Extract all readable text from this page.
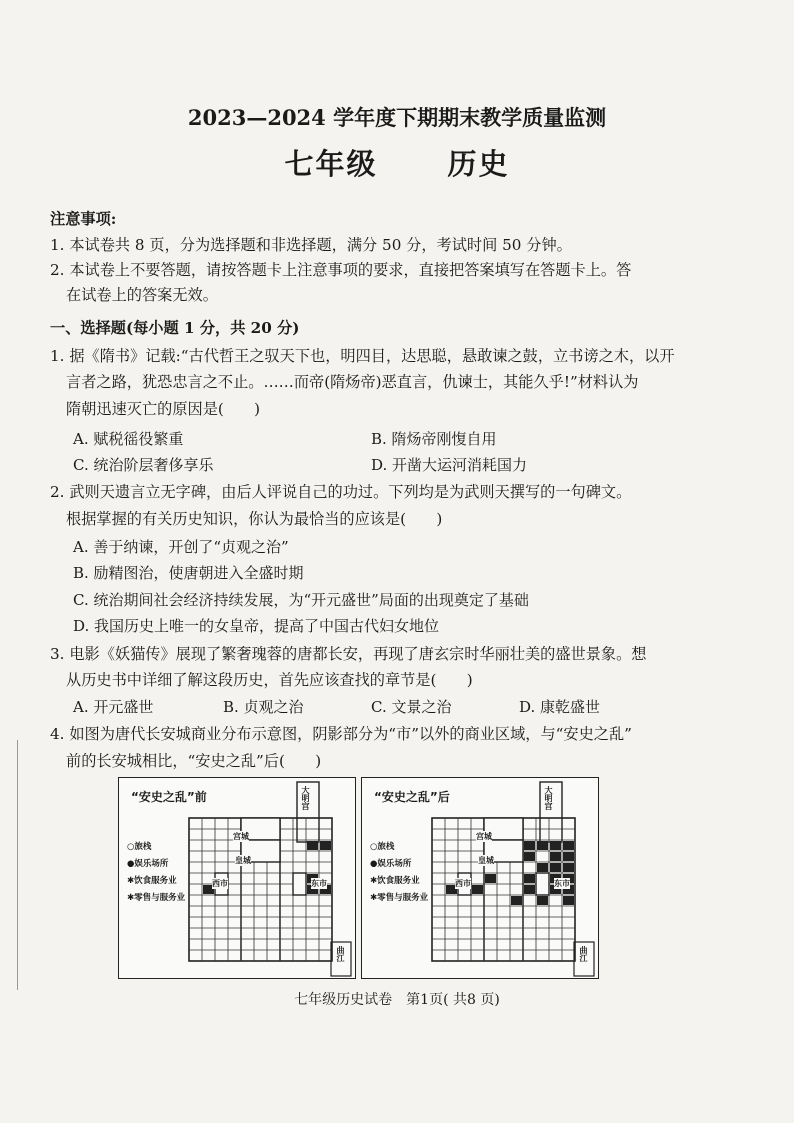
2023—2024 学年度下期期末教学质量监测
七年级 历史
注意事项:
1. 本试卷共 8 页，分为选择题和非选择题，满分 50 分，考试时间 50 分钟。
2. 本试卷上不要答题，请按答题卡上注意事项的要求，直接把答案填写在答题卡上。答
在试卷上的答案无效。
一、选择题(每小题 1 分，共 20 分)
1. 据《隋书》记载:“古代哲王之驭天下也，明四目，达思聪，悬敢谏之鼓，立书谤之木，以开
言者之路，犹恐忠言之不止。……而帝(隋炀帝)恶直言，仇谏士，其能久乎!”材料认为
隋朝迅速灭亡的原因是(　　)
A. 赋税徭役繁重	B. 隋炀帝刚愎自用
C. 统治阶层奢侈享乐	D. 开凿大运河消耗国力
2. 武则天遗言立无字碑，由后人评说自己的功过。下列均是为武则天撰写的一句碑文。
根据掌握的有关历史知识，你认为最恰当的应该是(　　)
A. 善于纳谏，开创了“贞观之治”
B. 励精图治，使唐朝进入全盛时期
C. 统治期间社会经济持续发展，为“开元盛世”局面的出现奠定了基础
D. 我国历史上唯一的女皇帝，提高了中国古代妇女地位
3. 电影《妖猫传》展现了繁奢瑰蓉的唐都长安，再现了唐玄宗时华丽壮美的盛世景象。想
从历史书中详细了解这段历史，首先应该查找的章节是(　　)
A. 开元盛世	B. 贞观之治	C. 文景之治	D. 康乾盛世
4. 如图为唐代长安城商业分布示意图，阴影部分为“市”以外的商业区域，与“安史之乱”
前的长安城相比，“安史之乱”后(　　)
“安史之乱”前
○旅栈
●娱乐场所
✱饮食服务业
✱零售与服务业
大明宫
宫城
皇城
西市	东市
曲江
“安史之乱”后
○旅栈
●娱乐场所
✱饮食服务业
✱零售与服务业
大明宫
宫城
皇城
西市	东市
曲江
七年级历史试卷　第1页( 共8 页)
